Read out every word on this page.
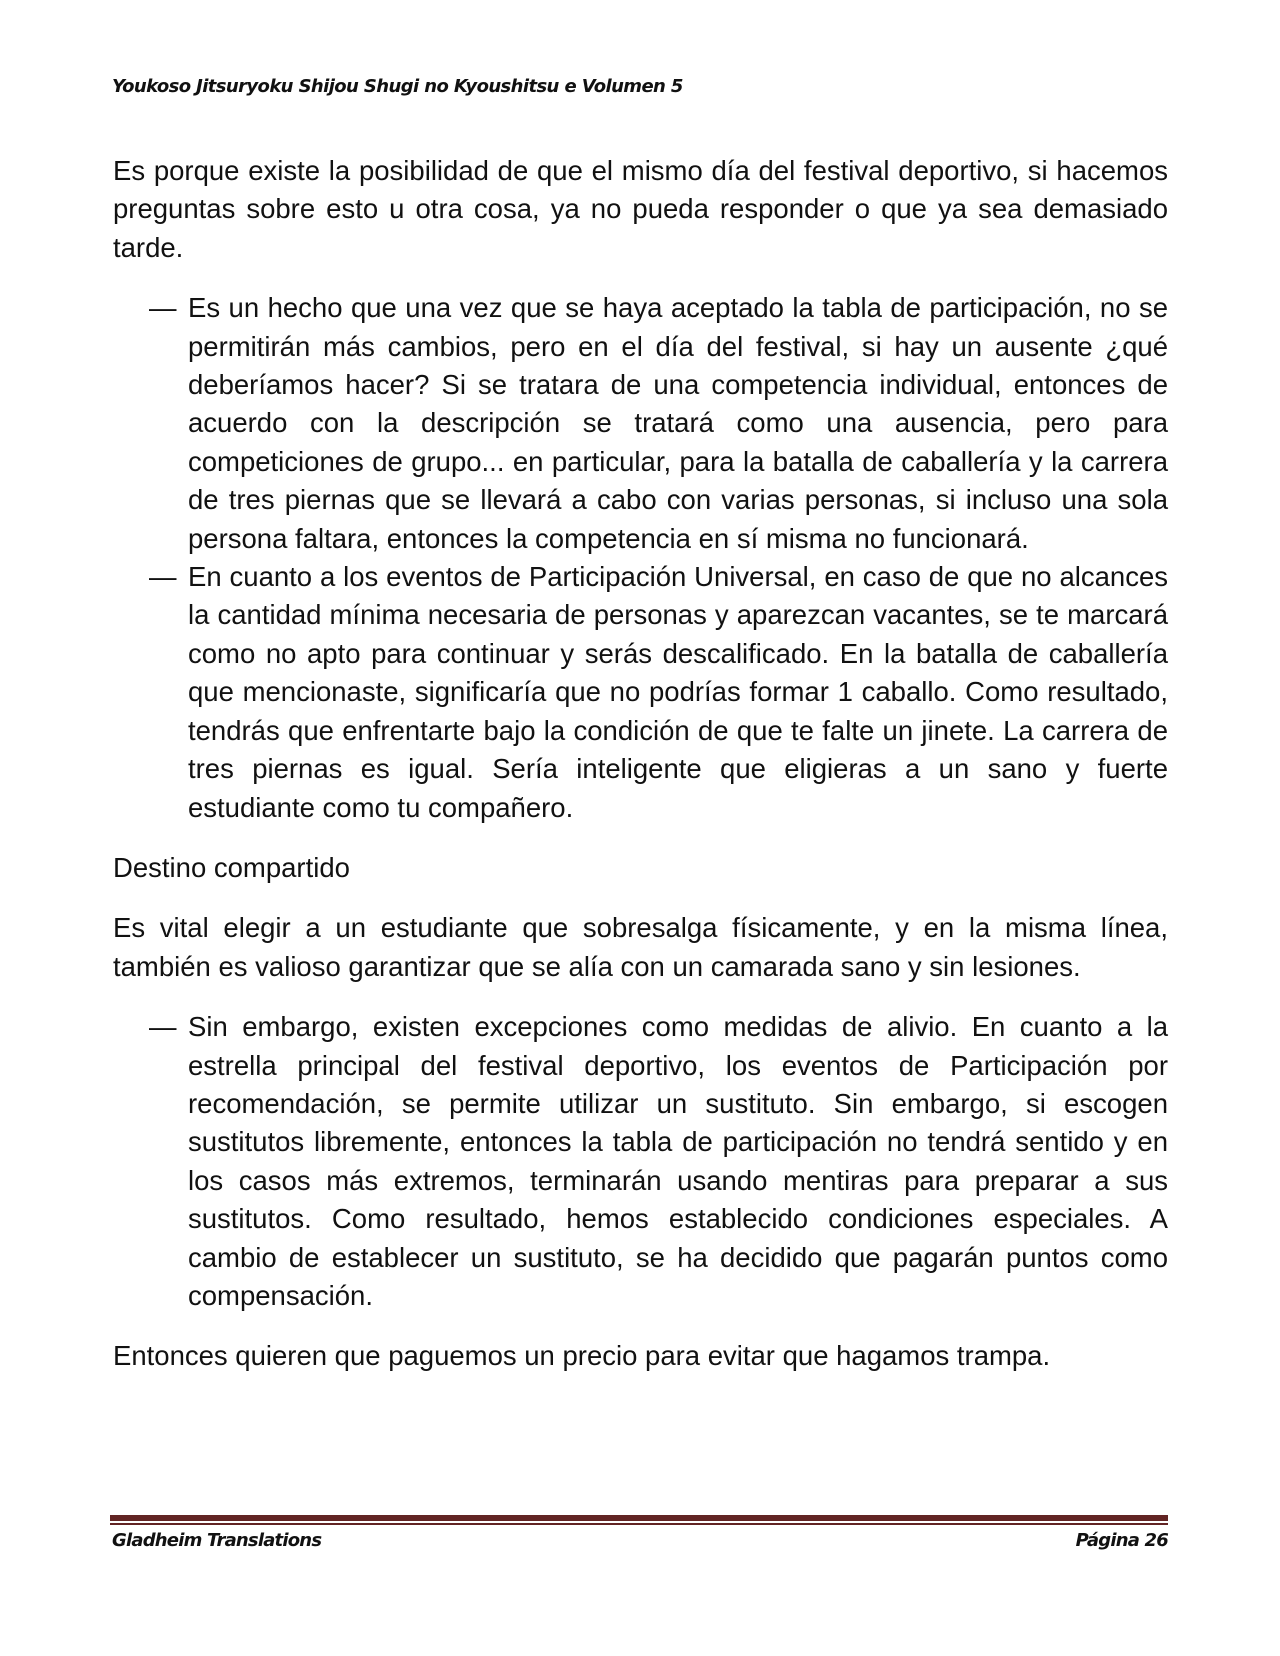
Youkoso Jitsuryoku Shijou Shugi no Kyoushitsu e Volumen 5

Es porque existe la posibilidad de que el mismo día del festival deportivo, si hacemos preguntas sobre esto u otra cosa, ya no pueda responder o que ya sea demasiado tarde.

— Es un hecho que una vez que se haya aceptado la tabla de participación, no se permitirán más cambios, pero en el día del festival, si hay un ausente ¿qué deberíamos hacer? Si se tratara de una competencia individual, entonces de acuerdo con la descripción se tratará como una ausencia, pero para competiciones de grupo... en particular, para la batalla de caballería y la carrera de tres piernas que se llevará a cabo con varias personas, si incluso una sola persona faltara, entonces la competencia en sí misma no funcionará.

— En cuanto a los eventos de Participación Universal, en caso de que no alcances la cantidad mínima necesaria de personas y aparezcan vacantes, se te marcará como no apto para continuar y serás descalificado. En la batalla de caballería que mencionaste, significaría que no podrías formar 1 caballo. Como resultado, tendrás que enfrentarte bajo la condición de que te falte un jinete. La carrera de tres piernas es igual. Sería inteligente que eligieras a un sano y fuerte estudiante como tu compañero.

Destino compartido

Es vital elegir a un estudiante que sobresalga físicamente, y en la misma línea, también es valioso garantizar que se alía con un camarada sano y sin lesiones.

— Sin embargo, existen excepciones como medidas de alivio. En cuanto a la estrella principal del festival deportivo, los eventos de Participación por recomendación, se permite utilizar un sustituto. Sin embargo, si escogen sustitutos libremente, entonces la tabla de participación no tendrá sentido y en los casos más extremos, terminarán usando mentiras para preparar a sus sustitutos. Como resultado, hemos establecido condiciones especiales. A cambio de establecer un sustituto, se ha decidido que pagarán puntos como compensación.

Entonces quieren que paguemos un precio para evitar que hagamos trampa.

Gladheim Translations	Página 26
